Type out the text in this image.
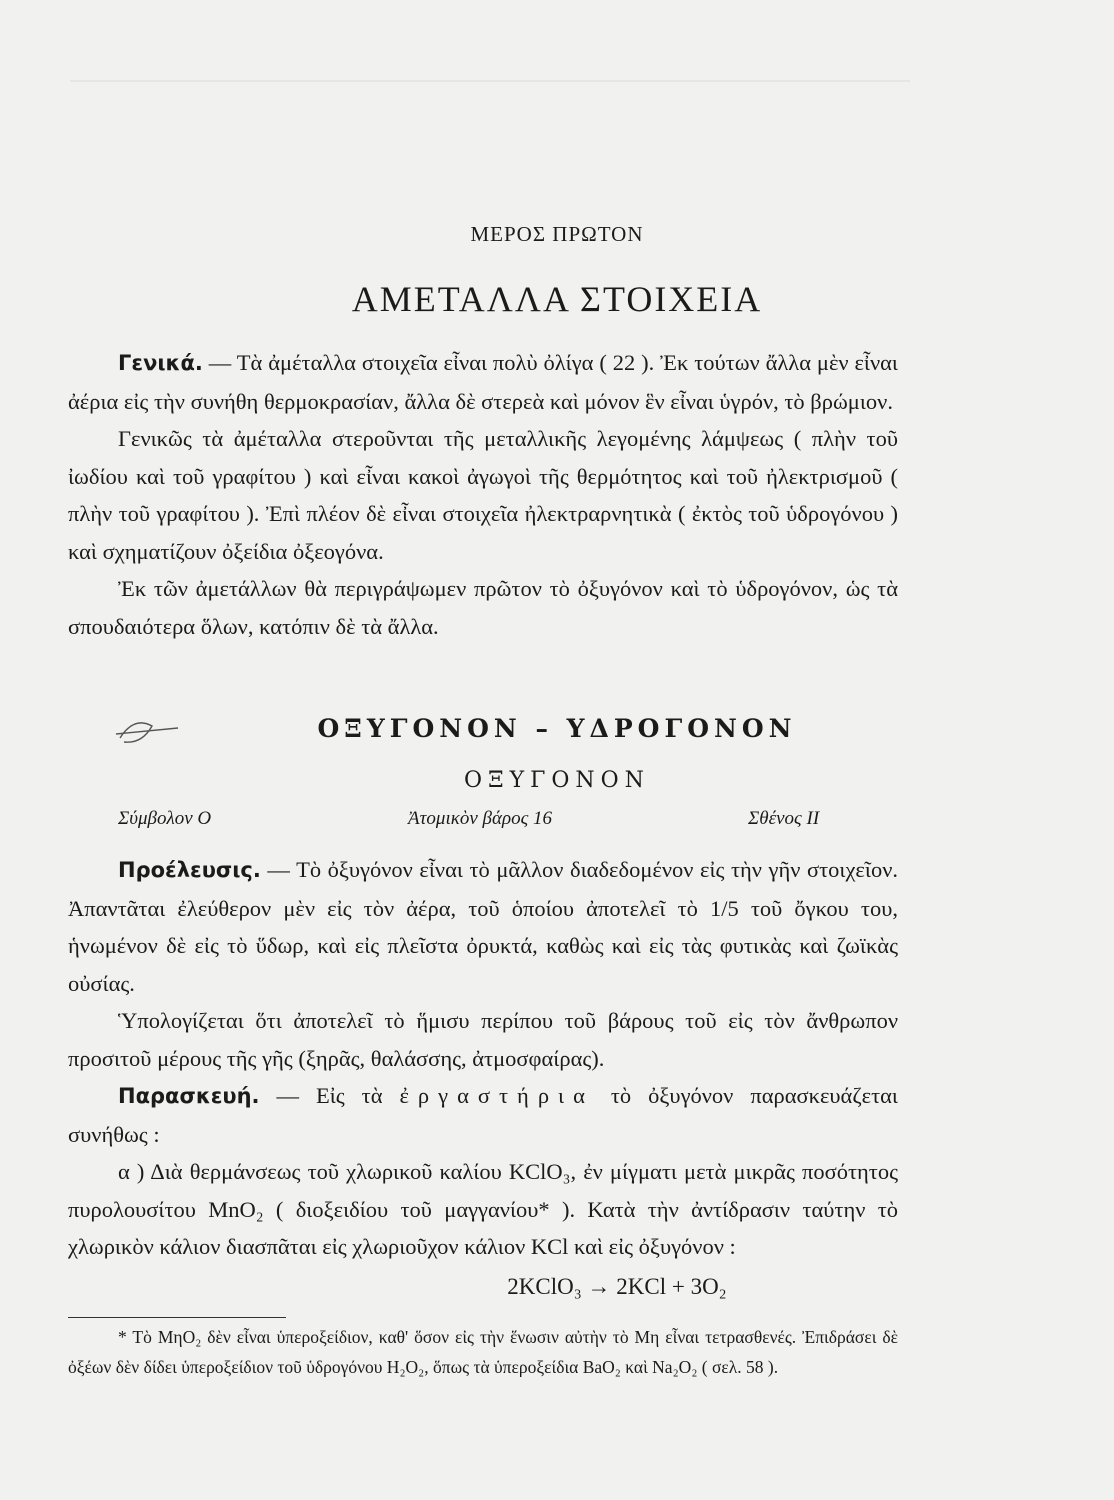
ΜΕΡΟΣ ΠΡΩΤΟΝ
ΑΜΕΤΑΛΛΑ ΣΤΟΙΧΕΙΑ

Γενικά. — Τὰ ἀμέταλλα στοιχεῖα εἶναι πολὺ ὀλίγα ( 22 ). Ἐκ τούτων ἄλλα μὲν εἶναι ἀέρια εἰς τὴν συνήθη θερμοκρασίαν, ἄλλα δὲ στερεὰ καὶ μόνον ἓν εἶναι ὑγρόν, τὸ βρώμιον.

Γενικῶς τὰ ἀμέταλλα στεροῦνται τῆς μεταλλικῆς λεγομένης λάμψεως ( πλὴν τοῦ ἰωδίου καὶ τοῦ γραφίτου ) καὶ εἶναι κακοὶ ἀγωγοὶ τῆς θερμότητος καὶ τοῦ ἠλεκτρισμοῦ ( πλὴν τοῦ γραφίτου ). Ἐπὶ πλέον δὲ εἶναι στοιχεῖα ἠλεκτραρνητικὰ ( ἐκτὸς τοῦ ὑδρογόνου ) καὶ σχηματίζουν ὀξείδια ὀξεογόνα.

Ἐκ τῶν ἀμετάλλων θὰ περιγράψωμεν πρῶτον τὸ ὀξυγόνον καὶ τὸ ὑδρογόνον, ὡς τὰ σπουδαιότερα ὅλων, κατόπιν δὲ τὰ ἄλλα.

ΟΞΥΓΟΝΟΝ – ΥΔΡΟΓΟΝΟΝ
ΟΞΥΓΟΝΟΝ
Σύμβολον Ο	Ἀτομικὸν βάρος 16	Σθένος ΙΙ

Προέλευσις. — Τὸ ὀξυγόνον εἶναι τὸ μᾶλλον διαδεδομένον εἰς τὴν γῆν στοιχεῖον. Ἀπαντᾶται ἐλεύθερον μὲν εἰς τὸν ἀέρα, τοῦ ὁποίου ἀποτελεῖ τὸ 1/5 τοῦ ὄγκου του, ἡνωμένον δὲ εἰς τὸ ὕδωρ, καὶ εἰς πλεῖστα ὀρυκτά, καθὼς καὶ εἰς τὰς φυτικὰς καὶ ζωϊκὰς οὐσίας.

Ὑπολογίζεται ὅτι ἀποτελεῖ τὸ ἥμισυ περίπου τοῦ βάρους τοῦ εἰς τὸν ἄνθρωπον προσιτοῦ μέρους τῆς γῆς (ξηρᾶς, θαλάσσης, ἀτμοσφαίρας).

Παρασκευή. — Εἰς τὰ ἐργαστήρια τὸ ὀξυγόνον παρασκευάζεται συνήθως :

α ) Διὰ θερμάνσεως τοῦ χλωρικοῦ καλίου KClO₃, ἐν μίγματι μετὰ μικρᾶς ποσότητος πυρολουσίτου MnO₂ ( διοξειδίου τοῦ μαγγανίου* ). Κατὰ τὴν ἀντίδρασιν ταύτην τὸ χλωρικὸν κάλιον διασπᾶται εἰς χλωριοῦχον κάλιον KCl καὶ εἰς ὀξυγόνον :

2KClO₃ → 2KCl + 3O₂

* Τὸ ΜηΟ₂ δὲν εἶναι ὑπεροξείδιον, καθ' ὅσον εἰς τὴν ἕνωσιν αὐτὴν τὸ Μη εἶναι τετρασθενές. Ἐπιδράσει δὲ ὀξέων δὲν δίδει ὑπεροξείδιον τοῦ ὑδρογόνου H₂O₂, ὅπως τὰ ὑπεροξείδια BaO₂ καὶ Na₂O₂ ( σελ. 58 ).
